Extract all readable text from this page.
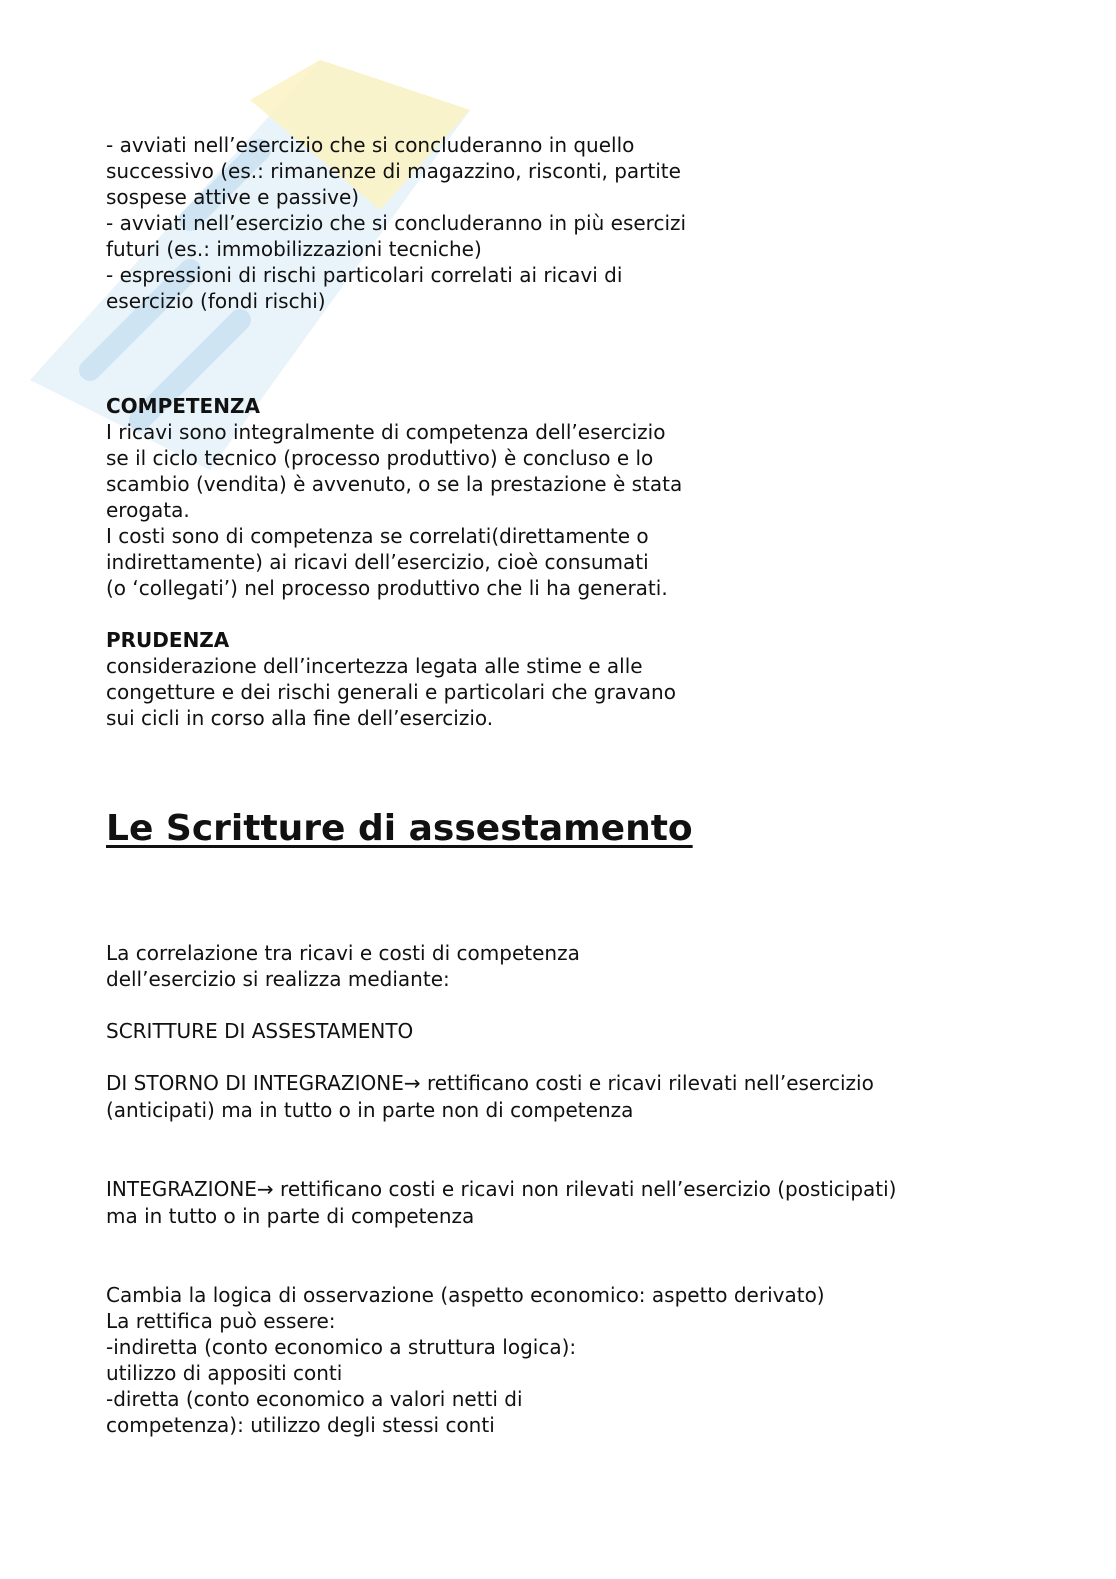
- avviati nell’esercizio che si concluderanno in quello
successivo (es.: rimanenze di magazzino, risconti, partite
sospese attive e passive)
- avviati nell’esercizio che si concluderanno in più esercizi
futuri (es.: immobilizzazioni tecniche)
- espressioni di rischi particolari correlati ai ricavi di
esercizio (fondi rischi)
COMPETENZA
I ricavi sono integralmente di competenza dell’esercizio
se il ciclo tecnico (processo produttivo) è concluso e lo
scambio (vendita) è avvenuto, o se la prestazione è stata
erogata.
I costi sono di competenza se correlati(direttamente o
indirettamente) ai ricavi dell’esercizio, cioè consumati
(o ‘collegati’) nel processo produttivo che li ha generati.
PRUDENZA
considerazione dell’incertezza legata alle stime e alle
congetture e dei rischi generali e particolari che gravano
sui cicli in corso alla fine dell’esercizio.
Le Scritture di assestamento
La correlazione tra ricavi e costi di competenza
dell’esercizio si realizza mediante:
SCRITTURE DI ASSESTAMENTO
DI STORNO DI INTEGRAZIONE→ rettificano costi e ricavi rilevati nell’esercizio
(anticipati) ma in tutto o in parte non di competenza
INTEGRAZIONE→ rettificano costi e ricavi non rilevati nell’esercizio (posticipati)
ma in tutto o in parte di competenza
Cambia la logica di osservazione (aspetto economico: aspetto derivato)
La rettifica può essere:
-indiretta (conto economico a struttura logica):
utilizzo di appositi conti
-diretta (conto economico a valori netti di
competenza): utilizzo degli stessi conti
